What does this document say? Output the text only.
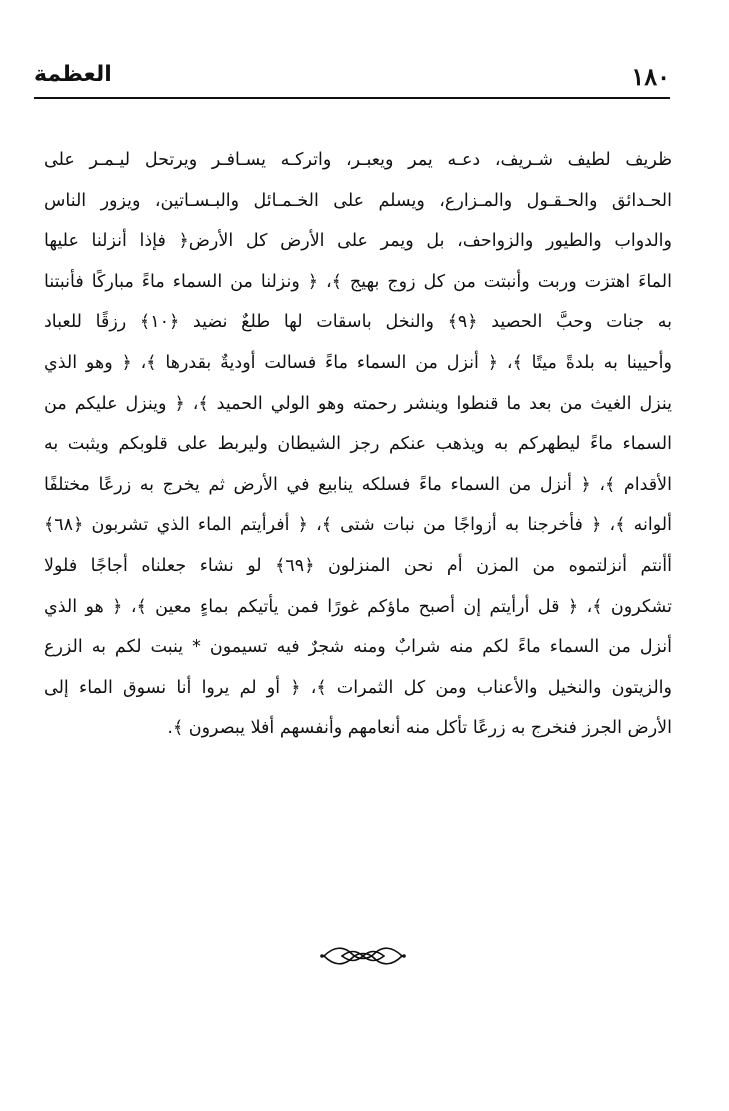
١٨٠
العظمة
ظريف لطيف شـريف، دعـه يمر ويعبـر، واتركـه يسـافـر ويرتحل ليـمـر على
الحـدائق والحـقـول والمـزارع، ويسلم على الخـمـائل والبـسـاتين، ويزور الناس
والدواب والطيور والزواحف، بل ويمر على الأرض كل الأرض﴿ فإذا أنزلنا عليها
الماءَ اهتزت وربت وأنبتت من كل زوج بهيج ﴾، ﴿ ونزلنا من السماء ماءً مباركًا فأنبتنا
به جنات وحبَّ الحصيد ﴿٩﴾ والنخل باسقات لها طلعٌ نضيد ﴿١٠﴾ رزقًا للعباد
وأحيينا به بلدةً ميتًا ﴾، ﴿ أنزل من السماء ماءً فسالت أوديةٌ بقدرها ﴾، ﴿ وهو الذي
ينزل الغيث من بعد ما قنطوا وينشر رحمته وهو الولي الحميد ﴾، ﴿ وينزل عليكم من
السماء ماءً ليطهركم به ويذهب عنكم رجز الشيطان وليربط على قلوبكم ويثبت به
الأقدام ﴾، ﴿ أنزل من السماء ماءً فسلكه ينابيع في الأرض ثم يخرج به زرعًا مختلفًا
ألوانه ﴾، ﴿ فأخرجنا به أزواجًا من نبات شتى ﴾، ﴿ أفرأيتم الماء الذي تشربون ﴿٦٨﴾
أأنتم أنزلتموه من المزن أم نحن المنزلون ﴿٦٩﴾ لو نشاء جعلناه أجاجًا فلولا
تشكرون ﴾، ﴿ قل أرأيتم إن أصبح ماؤكم غورًا فمن يأتيكم بماءٍ معين ﴾، ﴿ هو الذي
أنزل من السماء ماءً لكم منه شرابٌ ومنه شجرٌ فيه تسيمون * ينبت لكم به الزرع
والزيتون والنخيل والأعناب ومن كل الثمرات ﴾، ﴿ أو لم يروا أنا نسوق الماء إلى
الأرض الجرز فنخرج به زرعًا تأكل منه أنعامهم وأنفسهم أفلا يبصرون ﴾.
